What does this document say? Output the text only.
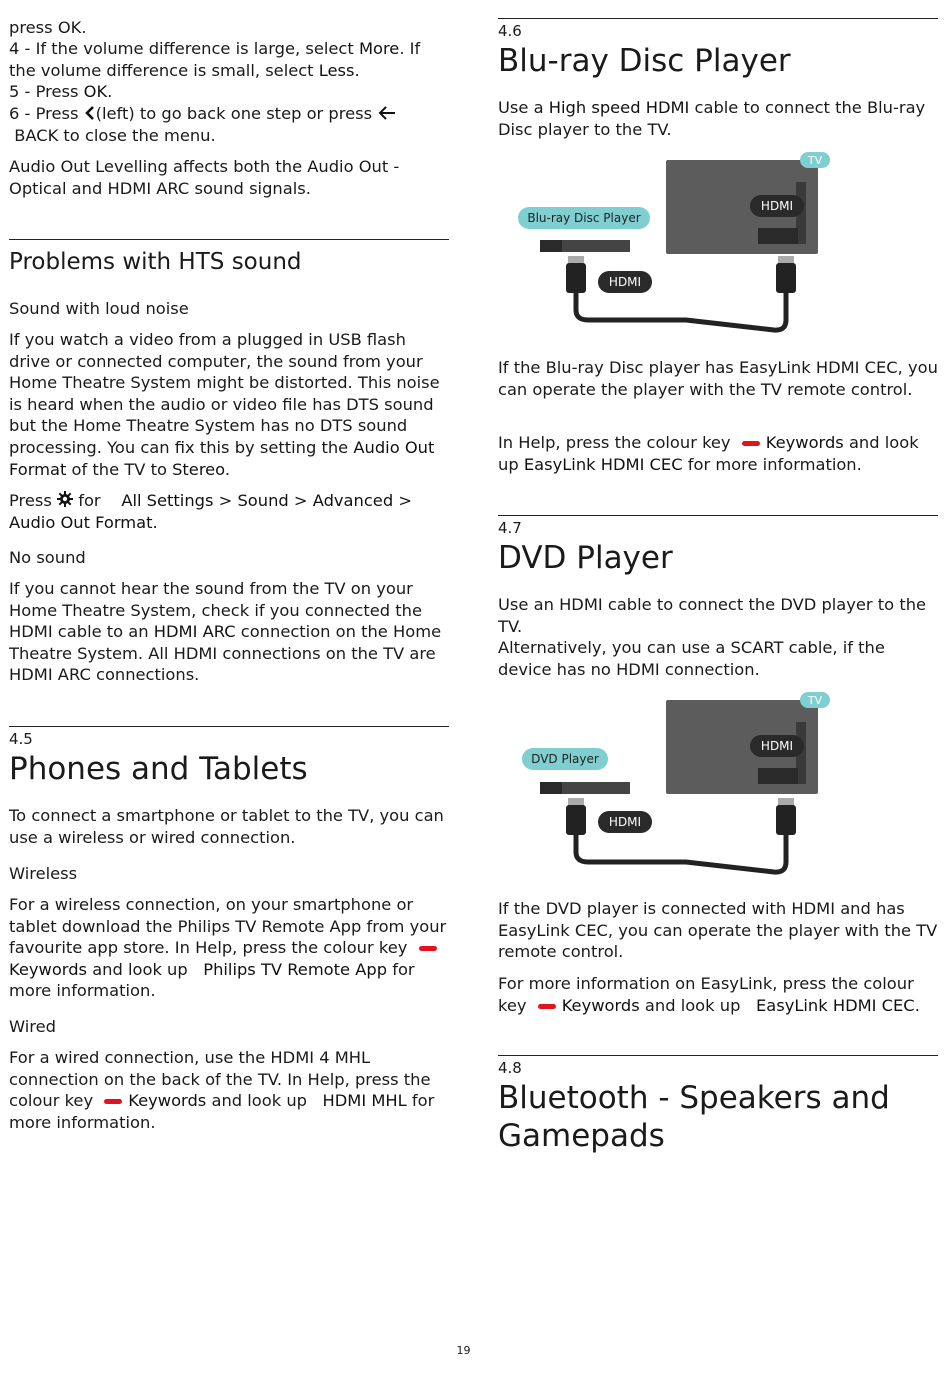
press OK.

4 - If the volume difference is large, select More. If
the volume difference is small, select Less.

5 - Press OK.

6 - Press (left) to go back one step or press
BACK to close the menu.

Audio Out Levelling affects both the Audio Out - Optical and HDMI ARC sound signals.

Problems with HTS sound

Sound with loud noise

If you watch a video from a plugged in USB flash drive or connected computer, the sound from your Home Theatre System might be distorted. This noise is heard when the audio or video file has DTS sound but the Home Theatre System has no DTS sound processing. You can fix this by setting the Audio Out Format of the TV to Stereo.

Press  for    All Settings > Sound > Advanced >
Audio Out Format.

No sound

If you cannot hear the sound from the TV on your Home Theatre System, check if you connected the HDMI cable to an HDMI ARC connection on the Home Theatre System. All HDMI connections on the TV are HDMI ARC connections.

4.5
Phones and Tablets

To connect a smartphone or tablet to the TV, you can use a wireless or wired connection.

Wireless

For a wireless connection, on your smartphone or tablet download the Philips TV Remote App from your favourite app store. In Help, press the colour key Keywords and look up   Philips TV Remote App for more information.

Wired

For a wired connection, use the HDMI 4 MHL connection on the back of the TV. In Help, press the colour key Keywords and look up   HDMI MHL for more information.

4.6
Blu-ray Disc Player

Use a High speed HDMI cable to connect the Blu-ray Disc player to the TV.

TV
HDMI
Blu-ray Disc Player
HDMI

If the Blu-ray Disc player has EasyLink HDMI CEC, you can operate the player with the TV remote control.

In Help, press the colour key Keywords and look up EasyLink HDMI CEC for more information.

4.7
DVD Player

Use an HDMI cable to connect the DVD player to the TV.

Alternatively, you can use a SCART cable, if the device has no HDMI connection.

TV
HDMI
DVD Player
HDMI

If the DVD player is connected with HDMI and has EasyLink CEC, you can operate the player with the TV remote control.

For more information on EasyLink, press the colour key Keywords and look up   EasyLink HDMI CEC.

4.8
Bluetooth - Speakers and Gamepads
19
